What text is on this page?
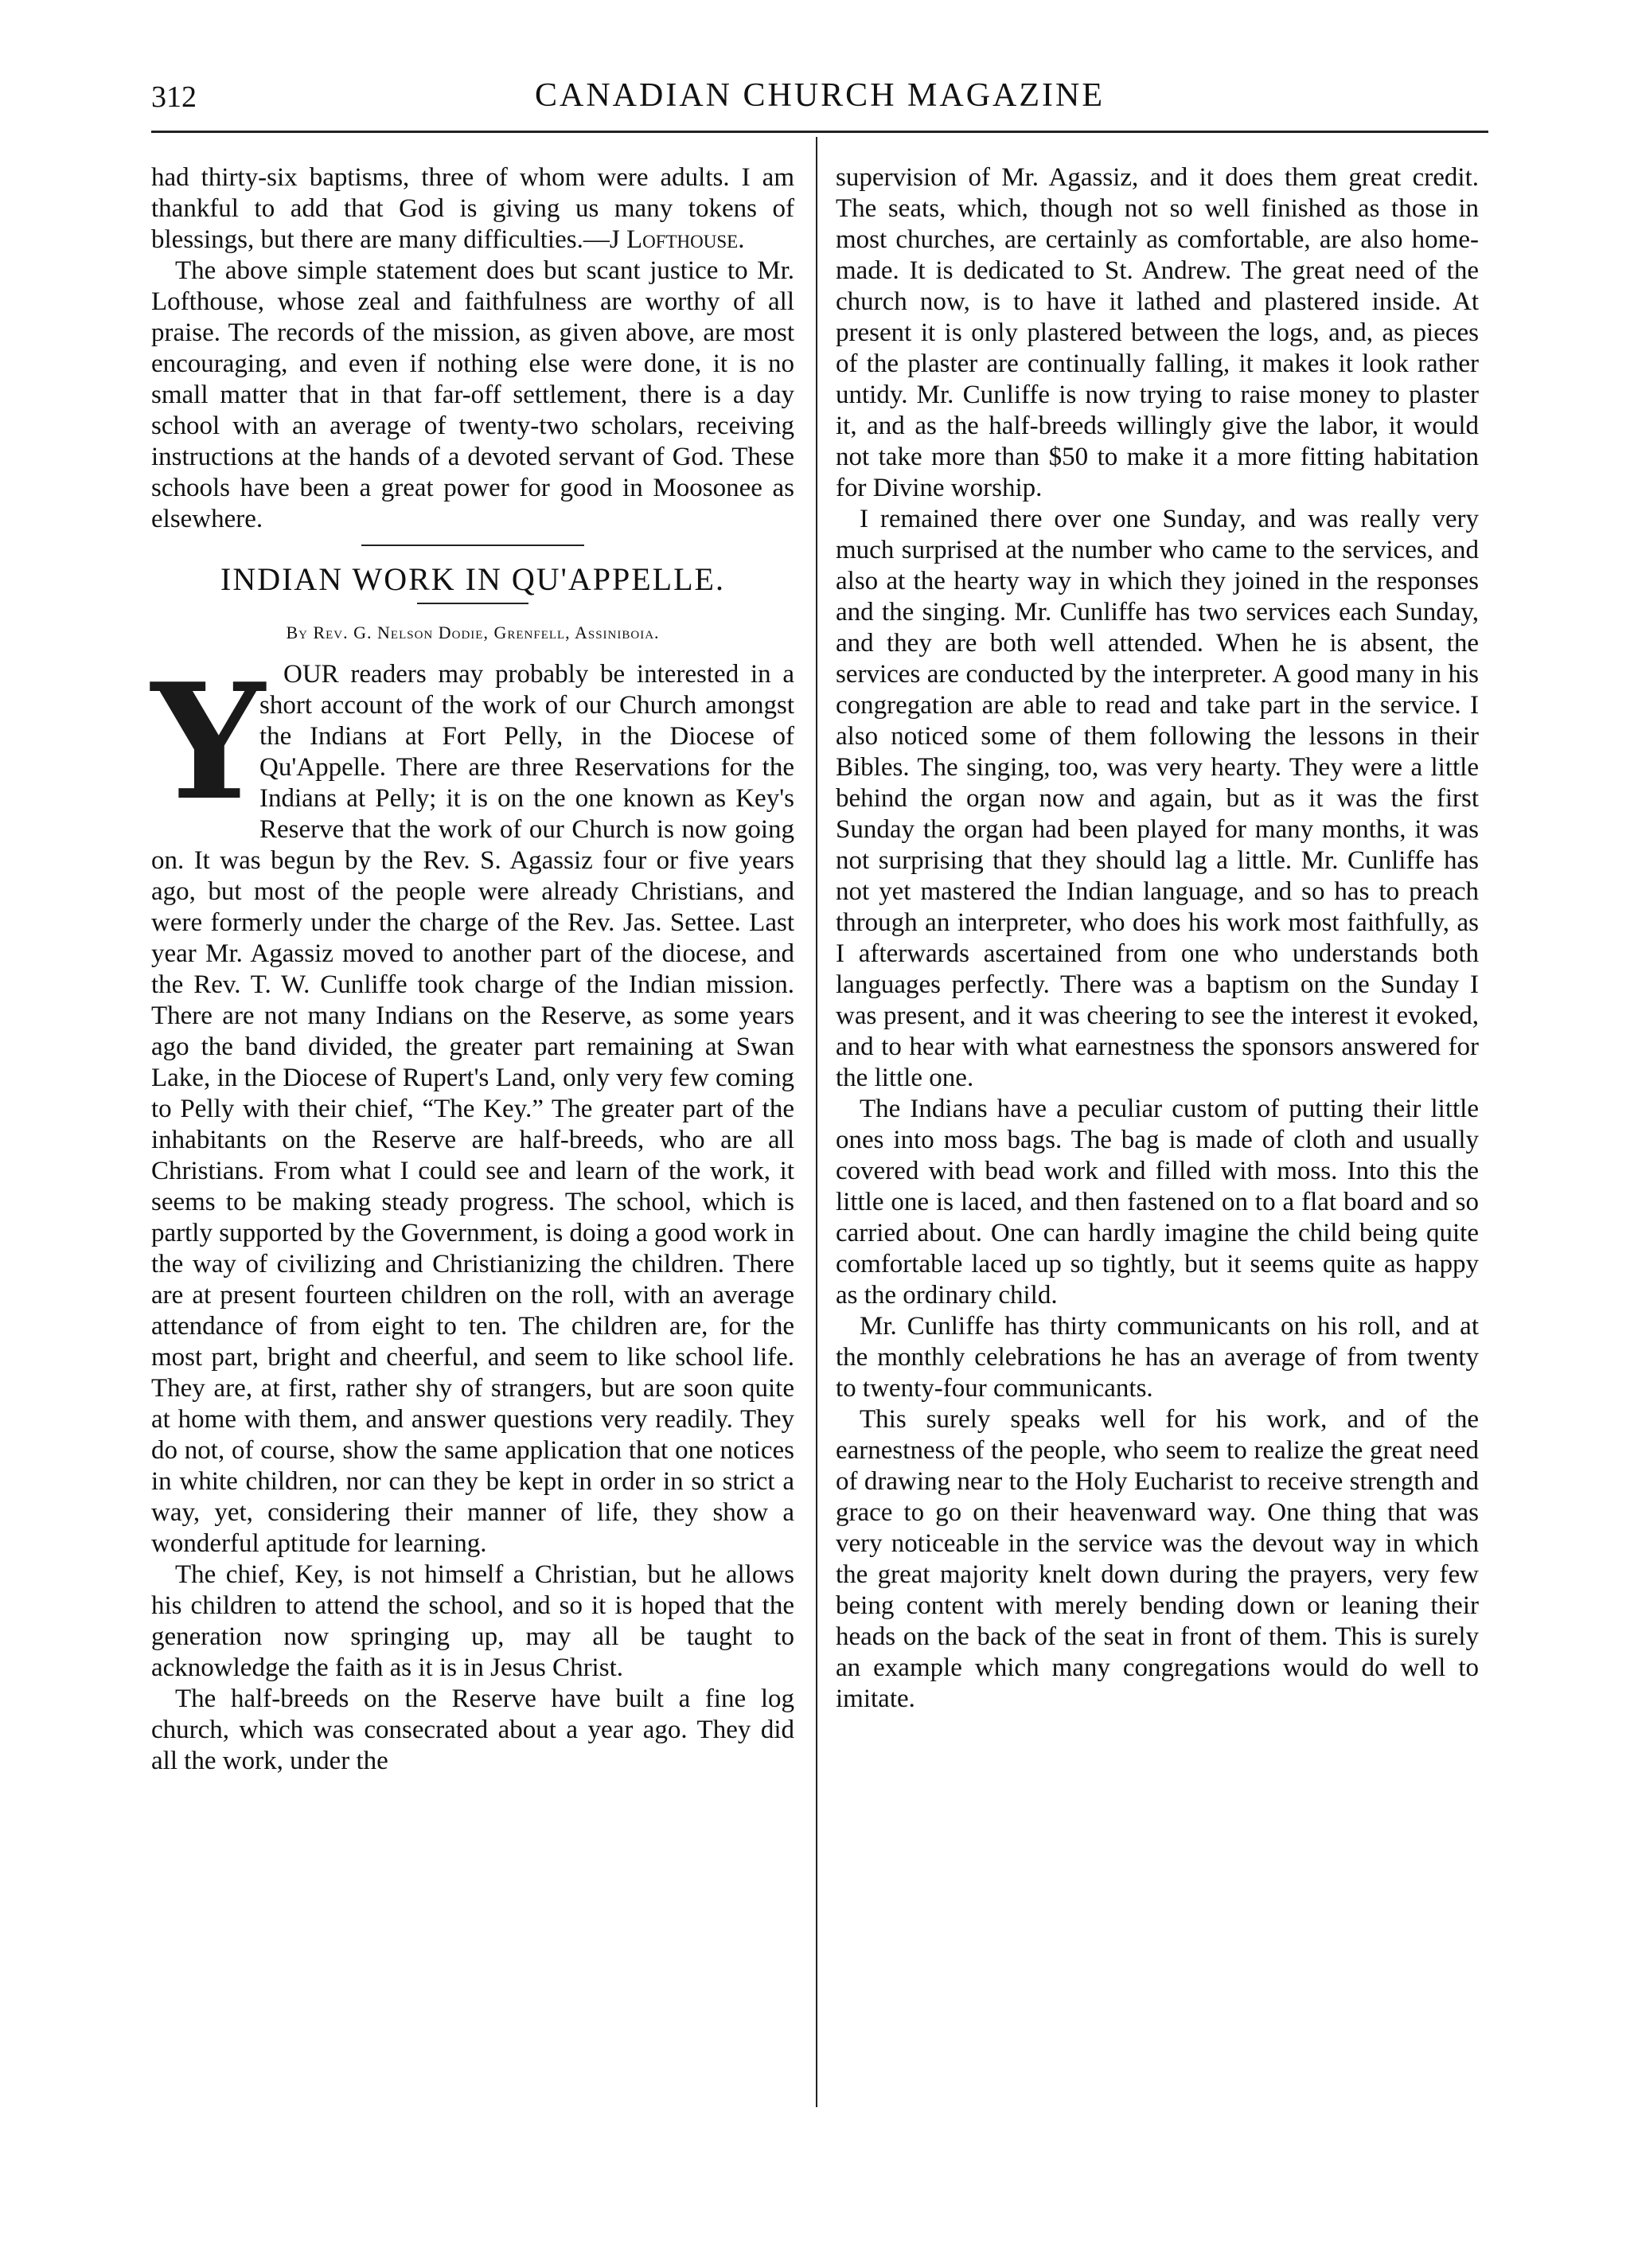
312	CANADIAN CHURCH MAGAZINE

had thirty-six baptisms, three of whom were adults. I am thankful to add that God is giving us many tokens of blessings, but there are many difficulties.—J Lofthouse.

The above simple statement does but scant justice to Mr. Lofthouse, whose zeal and faithfulness are worthy of all praise. The records of the mission, as given above, are most encouraging, and even if nothing else were done, it is no small matter that in that far-off settlement, there is a day school with an average of twenty-two scholars, receiving instructions at the hands of a devoted servant of God. These schools have been a great power for good in Moosonee as elsewhere.

INDIAN WORK IN QU'APPELLE.
By Rev. G. Nelson Dodie, Grenfell, Assiniboia.
Y OUR readers may probably be interested in a short account of the work of our Church amongst the Indians at Fort Pelly, in the Diocese of Qu'Appelle. There are three Reservations for the Indians at Pelly; it is on the one known as Key's Reserve that the work of our Church is now going on. It was begun by the Rev. S. Agassiz four or five years ago, but most of the people were already Christians, and were formerly under the charge of the Rev. Jas. Settee. Last year Mr. Agassiz moved to another part of the diocese, and the Rev. T. W. Cunliffe took charge of the Indian mission. There are not many Indians on the Reserve, as some years ago the band divided, the greater part remaining at Swan Lake, in the Diocese of Rupert's Land, only very few coming to Pelly with their chief, “The Key.” The greater part of the inhabitants on the Reserve are half-breeds, who are all Christians. From what I could see and learn of the work, it seems to be making steady progress. The school, which is partly supported by the Government, is doing a good work in the way of civilizing and Christianizing the children. There are at present fourteen children on the roll, with an average attendance of from eight to ten. The children are, for the most part, bright and cheerful, and seem to like school life. They are, at first, rather shy of strangers, but are soon quite at home with them, and answer questions very readily. They do not, of course, show the same application that one notices in white children, nor can they be kept in order in so strict a way, yet, considering their manner of life, they show a wonderful aptitude for learning.

The chief, Key, is not himself a Christian, but he allows his children to attend the school, and so it is hoped that the generation now springing up, may all be taught to acknowledge the faith as it is in Jesus Christ.

The half-breeds on the Reserve have built a fine log church, which was consecrated about a year ago. They did all the work, under the

supervision of Mr. Agassiz, and it does them great credit. The seats, which, though not so well finished as those in most churches, are certainly as comfortable, are also home-made. It is dedicated to St. Andrew. The great need of the church now, is to have it lathed and plastered inside. At present it is only plastered between the logs, and, as pieces of the plaster are continually falling, it makes it look rather untidy. Mr. Cunliffe is now trying to raise money to plaster it, and as the half-breeds willingly give the labor, it would not take more than $50 to make it a more fitting habitation for Divine worship.

I remained there over one Sunday, and was really very much surprised at the number who came to the services, and also at the hearty way in which they joined in the responses and the singing. Mr. Cunliffe has two services each Sunday, and they are both well attended. When he is absent, the services are conducted by the interpreter. A good many in his congregation are able to read and take part in the service. I also noticed some of them following the lessons in their Bibles. The singing, too, was very hearty. They were a little behind the organ now and again, but as it was the first Sunday the organ had been played for many months, it was not surprising that they should lag a little. Mr. Cunliffe has not yet mastered the Indian language, and so has to preach through an interpreter, who does his work most faithfully, as I afterwards ascertained from one who understands both languages perfectly. There was a baptism on the Sunday I was present, and it was cheering to see the interest it evoked, and to hear with what earnestness the sponsors answered for the little one.

The Indians have a peculiar custom of putting their little ones into moss bags. The bag is made of cloth and usually covered with bead work and filled with moss. Into this the little one is laced, and then fastened on to a flat board and so carried about. One can hardly imagine the child being quite comfortable laced up so tightly, but it seems quite as happy as the ordinary child.

Mr. Cunliffe has thirty communicants on his roll, and at the monthly celebrations he has an average of from twenty to twenty-four communicants.

This surely speaks well for his work, and of the earnestness of the people, who seem to realize the great need of drawing near to the Holy Eucharist to receive strength and grace to go on their heavenward way. One thing that was very noticeable in the service was the devout way in which the great majority knelt down during the prayers, very few being content with merely bending down or leaning their heads on the back of the seat in front of them. This is surely an example which many congregations would do well to imitate.
